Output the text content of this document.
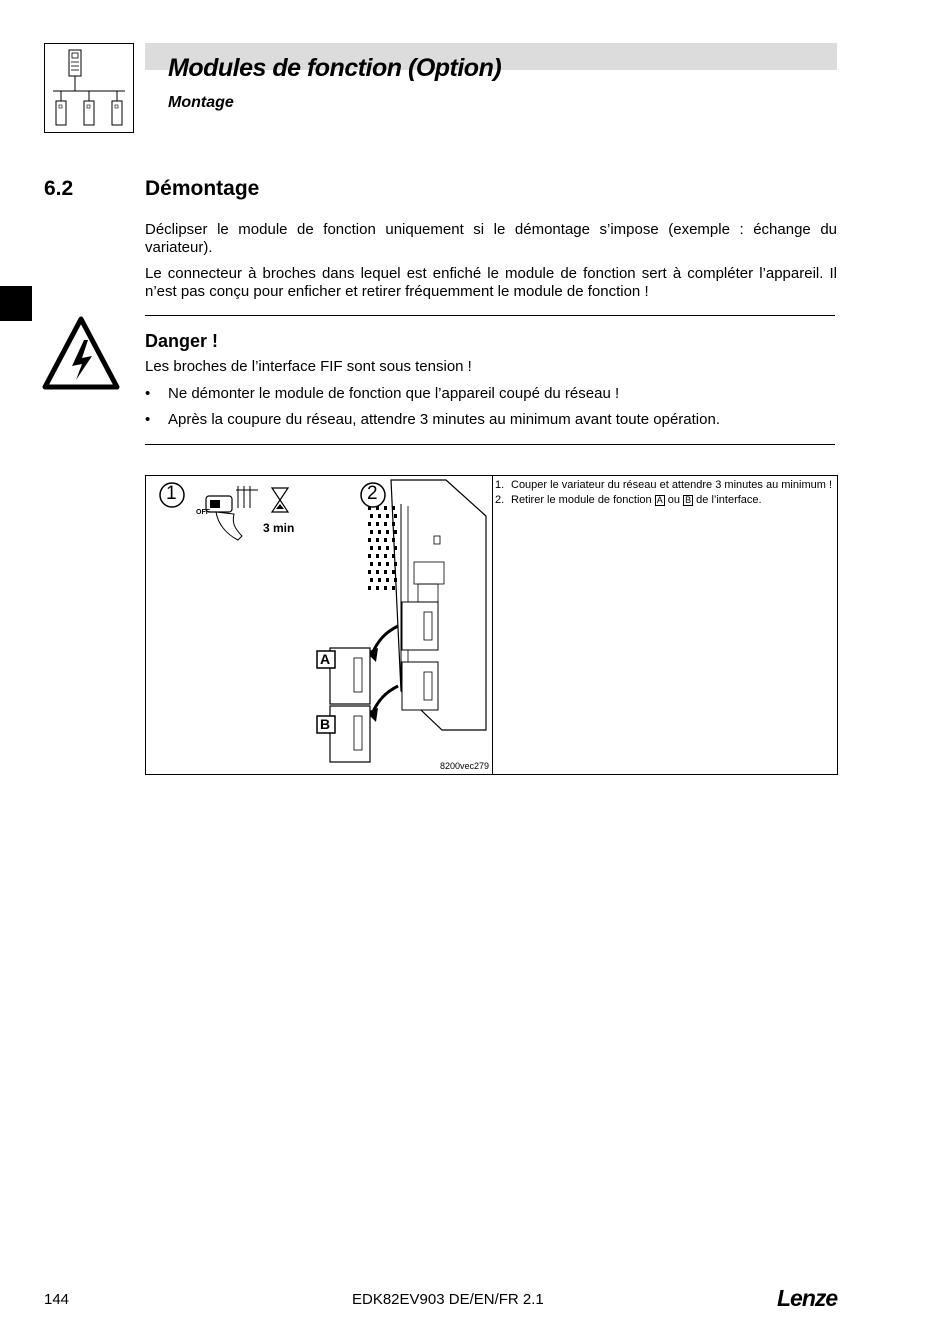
Modules de fonction (Option)
Montage
6.2	Démontage

Déclipser le module de fonction uniquement si le démontage s’impose (exemple : échange du variateur).

Le connecteur à broches dans lequel est enfiché le module de fonction sert à compléter l’appareil. Il n’est pas conçu pour enficher et retirer fréquemment le module de fonction !

Danger !
Les broches de l’interface FIF sont sous tension !
•	Ne démonter le module de fonction que l’appareil coupé du réseau !
•	Après la coupure du réseau, attendre 3 minutes au minimum avant toute opération.
1	2
OFF
3 min
A
B
8200vec279
1. Couper le variateur du réseau et attendre 3 minutes au minimum !
2. Retirer le module de fonction A ou B de l’interface.
144	EDK82EV903 DE/EN/FR 2.1	Lenze
